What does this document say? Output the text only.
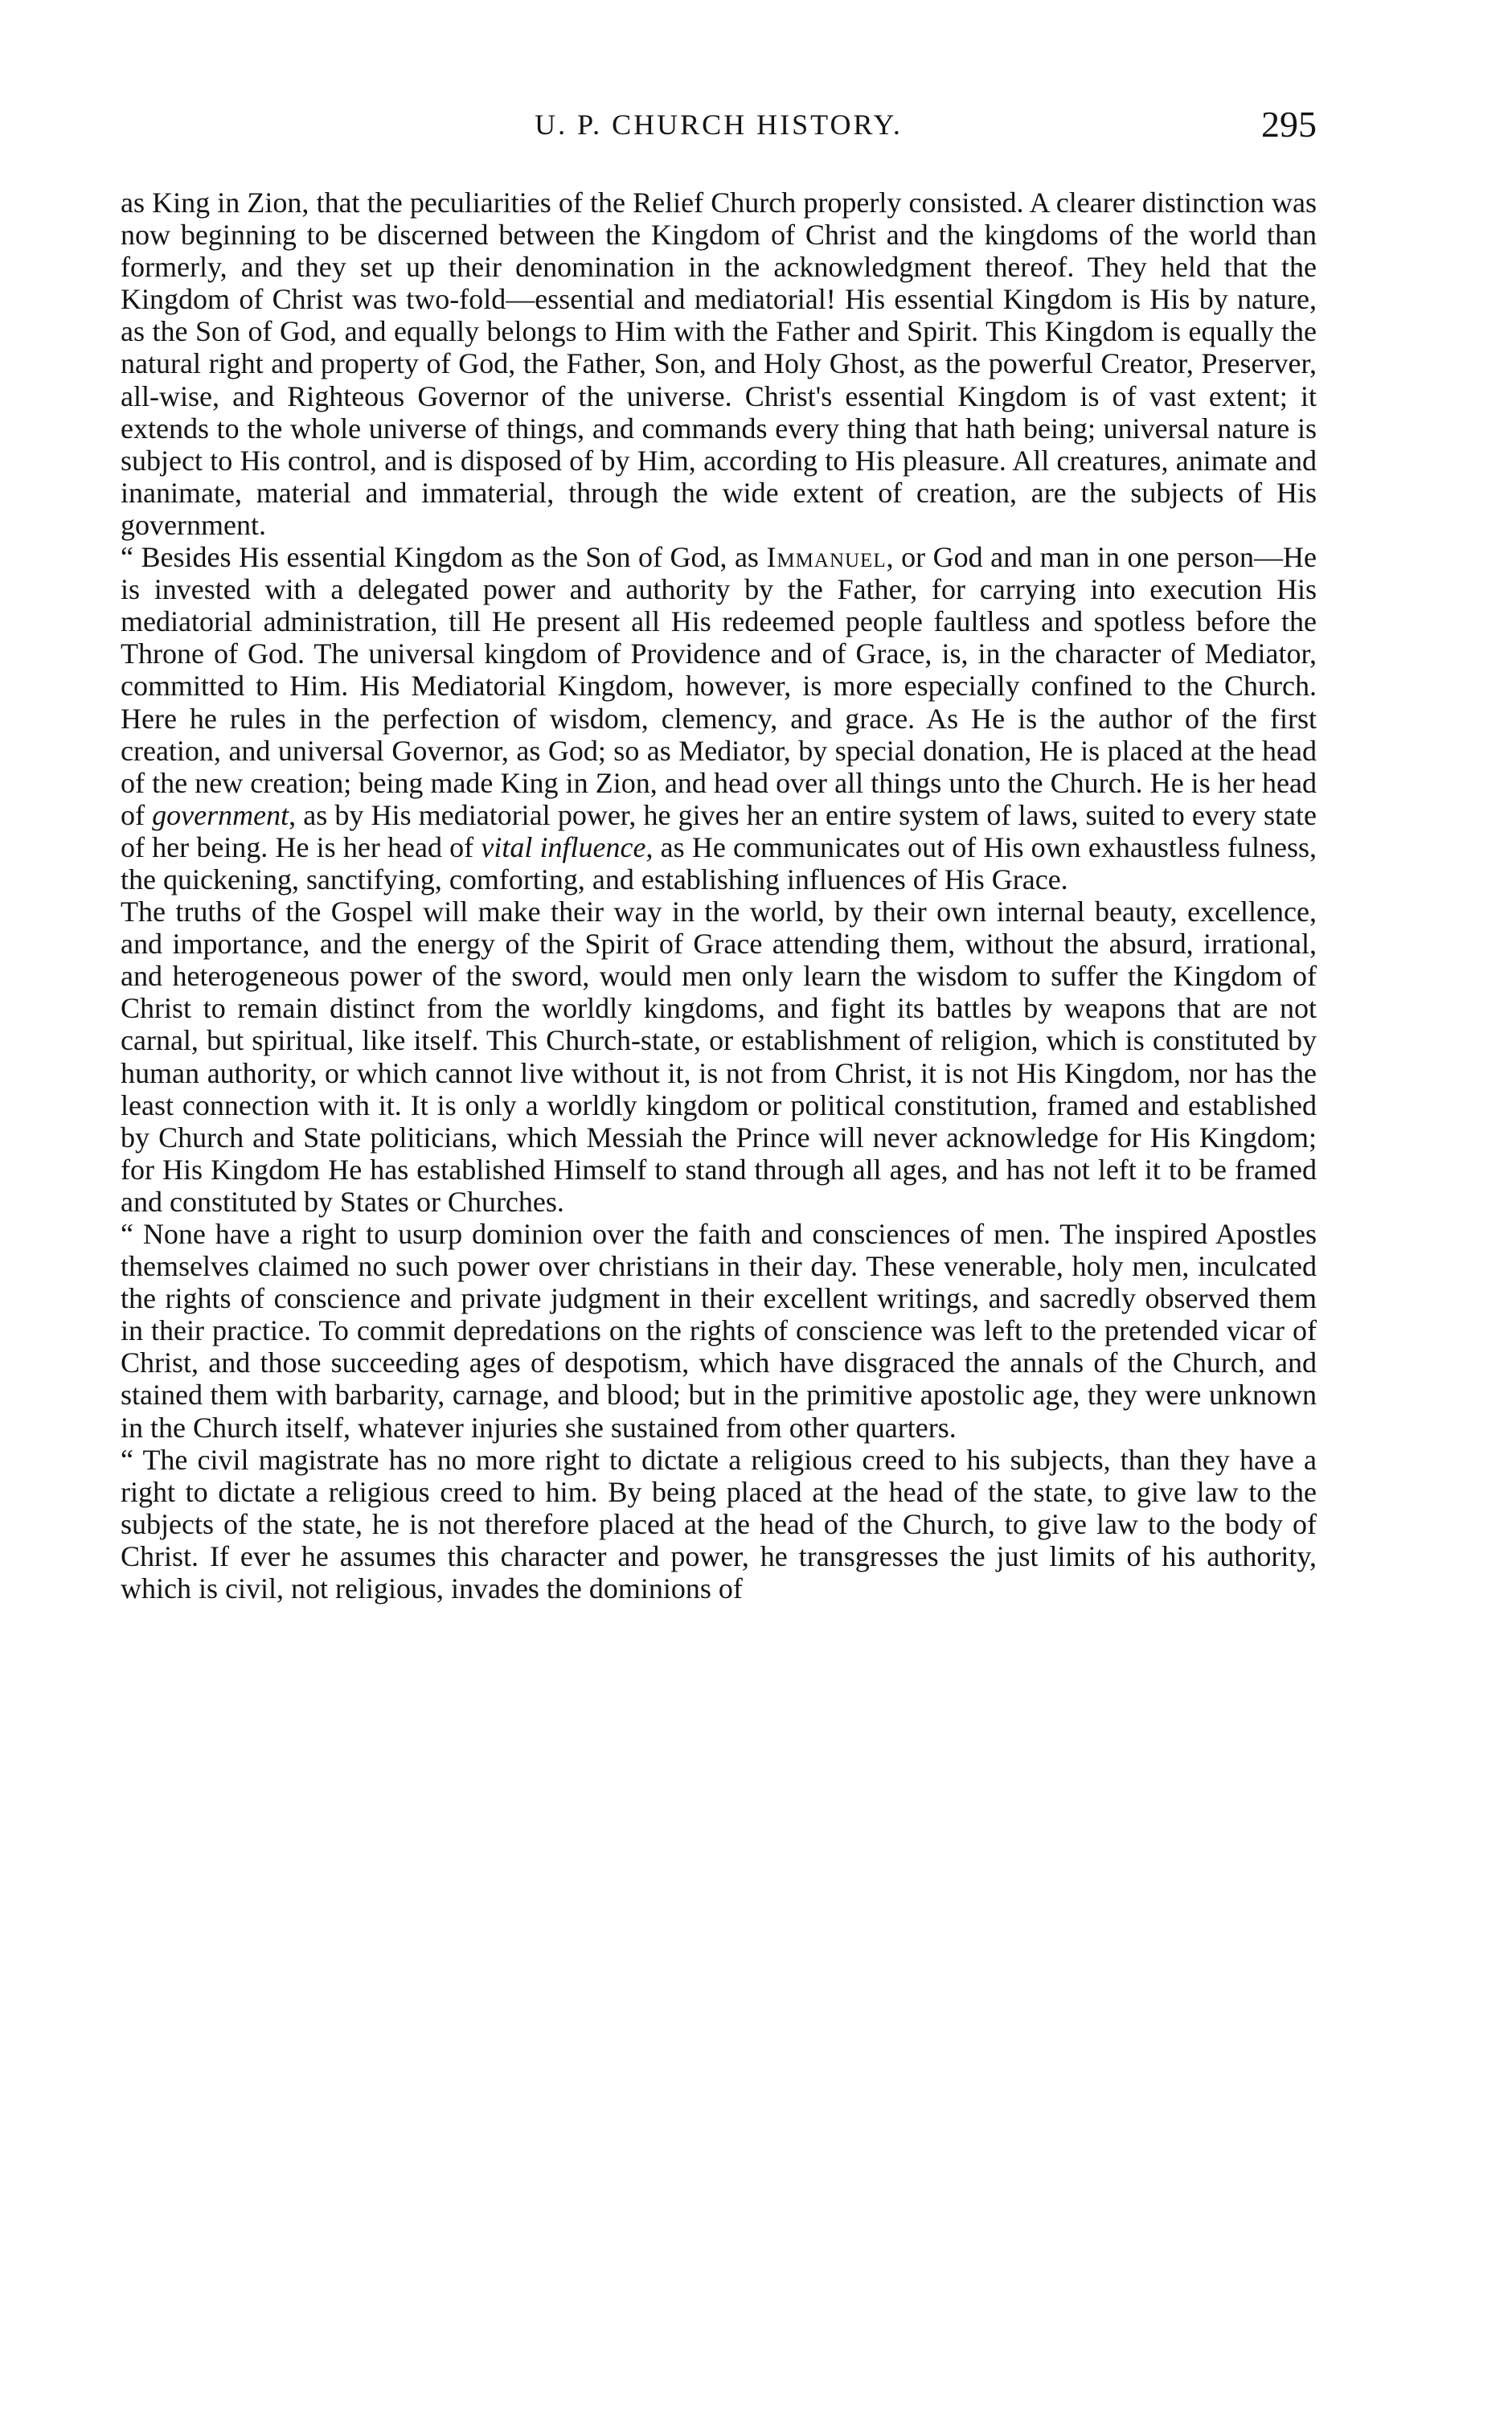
U. P. CHURCH HISTORY.	295

as King in Zion, that the peculiarities of the Relief Church properly consisted. A clearer distinction was now beginning to be discerned between the Kingdom of Christ and the kingdoms of the world than formerly, and they set up their denomination in the acknowledgment thereof. They held that the Kingdom of Christ was two-fold—essential and mediatorial! His essential Kingdom is His by nature, as the Son of God, and equally belongs to Him with the Father and Spirit. This Kingdom is equally the natural right and property of God, the Father, Son, and Holy Ghost, as the powerful Creator, Preserver, all-wise, and Righteous Governor of the universe. Christ's essential Kingdom is of vast extent; it extends to the whole universe of things, and commands every thing that hath being; universal nature is subject to His control, and is disposed of by Him, according to His pleasure. All creatures, animate and inanimate, material and immaterial, through the wide extent of creation, are the subjects of His government.

“ Besides His essential Kingdom as the Son of God, as Immanuel, or God and man in one person—He is invested with a delegated power and authority by the Father, for carrying into execution His mediatorial administration, till He present all His redeemed people faultless and spotless before the Throne of God. The universal kingdom of Providence and of Grace, is, in the character of Mediator, committed to Him. His Mediatorial Kingdom, however, is more especially confined to the Church. Here he rules in the perfection of wisdom, clemency, and grace. As He is the author of the first creation, and universal Governor, as God; so as Mediator, by special donation, He is placed at the head of the new creation; being made King in Zion, and head over all things unto the Church. He is her head of government, as by His mediatorial power, he gives her an entire system of laws, suited to every state of her being. He is her head of vital influence, as He communicates out of His own exhaustless fulness, the quickening, sanctifying, comforting, and establishing influences of His Grace.

The truths of the Gospel will make their way in the world, by their own internal beauty, excellence, and importance, and the energy of the Spirit of Grace attending them, without the absurd, irrational, and heterogeneous power of the sword, would men only learn the wisdom to suffer the Kingdom of Christ to remain distinct from the worldly kingdoms, and fight its battles by weapons that are not carnal, but spiritual, like itself. This Church-state, or establishment of religion, which is constituted by human authority, or which cannot live without it, is not from Christ, it is not His Kingdom, nor has the least connection with it. It is only a worldly kingdom or political constitution, framed and established by Church and State politicians, which Messiah the Prince will never acknowledge for His Kingdom; for His Kingdom He has established Himself to stand through all ages, and has not left it to be framed and constituted by States or Churches.

“ None have a right to usurp dominion over the faith and consciences of men. The inspired Apostles themselves claimed no such power over christians in their day. These venerable, holy men, inculcated the rights of conscience and private judgment in their excellent writings, and sacredly observed them in their practice. To commit depredations on the rights of conscience was left to the pretended vicar of Christ, and those succeeding ages of despotism, which have disgraced the annals of the Church, and stained them with barbarity, carnage, and blood; but in the primitive apostolic age, they were unknown in the Church itself, whatever injuries she sustained from other quarters.

“ The civil magistrate has no more right to dictate a religious creed to his subjects, than they have a right to dictate a religious creed to him. By being placed at the head of the state, to give law to the subjects of the state, he is not therefore placed at the head of the Church, to give law to the body of Christ. If ever he assumes this character and power, he transgresses the just limits of his authority, which is civil, not religious, invades the dominions of
